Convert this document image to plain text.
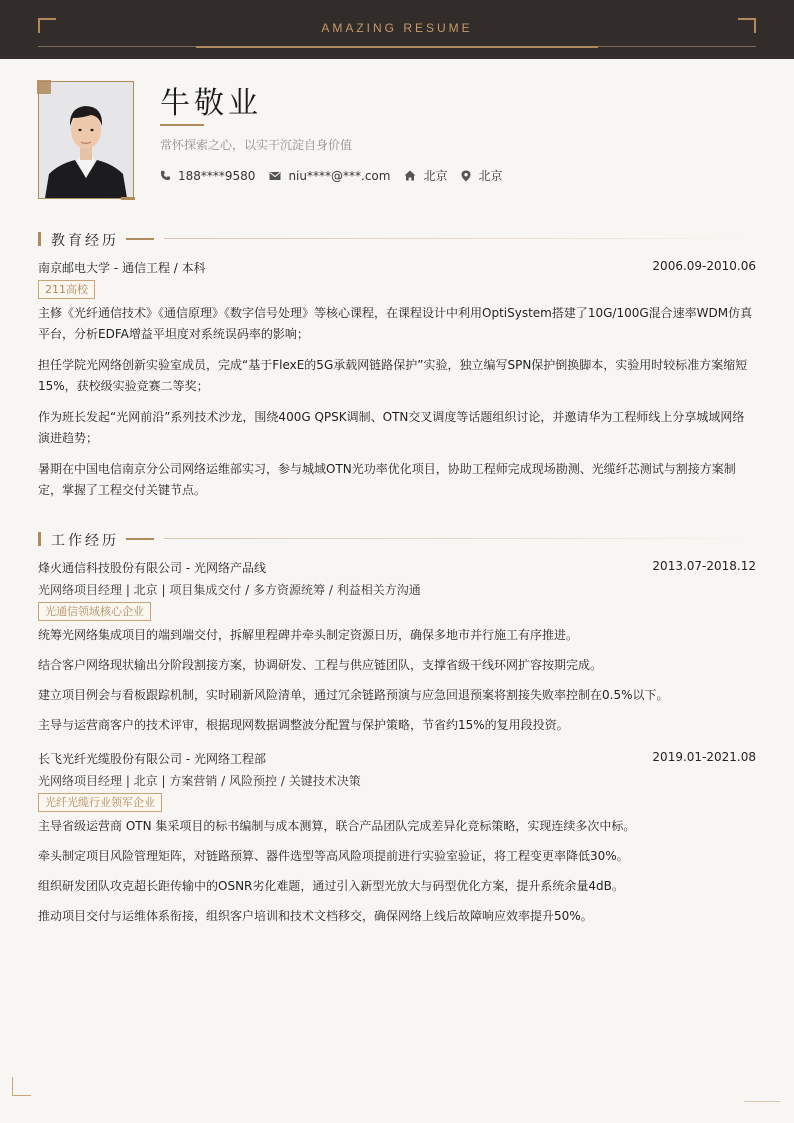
AMAZING RESUME
牛敬业
常怀探索之心，以实干沉淀自身价值
188****9580	niu****@***.com	北京	北京
教育经历
南京邮电大学 - 通信工程 / 本科	2006.09-2010.06
211高校
主修《光纤通信技术》《通信原理》《数字信号处理》等核心课程，在课程设计中利用OptiSystem搭建了10G/100G混合速率WDM仿真平台，分析EDFA增益平坦度对系统误码率的影响；
担任学院光网络创新实验室成员，完成“基于FlexE的5G承载网链路保护”实验，独立编写SPN保护倒换脚本，实验用时较标准方案缩短15%，获校级实验竞赛二等奖；
作为班长发起“光网前沿”系列技术沙龙，围绕400G QPSK调制、OTN交叉调度等话题组织讨论，并邀请华为工程师线上分享城域网络演进趋势；
暑期在中国电信南京分公司网络运维部实习，参与城域OTN光功率优化项目，协助工程师完成现场勘测、光缆纤芯测试与割接方案制定，掌握了工程交付关键节点。
工作经历
烽火通信科技股份有限公司 - 光网络产品线	2013.07-2018.12
光网络项目经理 | 北京 | 项目集成交付 / 多方资源统筹 / 利益相关方沟通
光通信领域核心企业
统筹光网络集成项目的端到端交付，拆解里程碑并牵头制定资源日历，确保多地市并行施工有序推进。
结合客户网络现状输出分阶段割接方案，协调研发、工程与供应链团队，支撑省级干线环网扩容按期完成。
建立项目例会与看板跟踪机制，实时刷新风险清单，通过冗余链路预演与应急回退预案将割接失败率控制在0.5%以下。
主导与运营商客户的技术评审，根据现网数据调整波分配置与保护策略，节省约15%的复用段投资。
长飞光纤光缆股份有限公司 - 光网络工程部	2019.01-2021.08
光网络项目经理 | 北京 | 方案营销 / 风险预控 / 关键技术决策
光纤光缆行业领军企业
主导省级运营商 OTN 集采项目的标书编制与成本测算，联合产品团队完成差异化竞标策略，实现连续多次中标。
牵头制定项目风险管理矩阵，对链路预算、器件选型等高风险项提前进行实验室验证，将工程变更率降低30%。
组织研发团队攻克超长距传输中的OSNR劣化难题，通过引入新型光放大与码型优化方案，提升系统余量4dB。
推动项目交付与运维体系衔接，组织客户培训和技术文档移交，确保网络上线后故障响应效率提升50%。
